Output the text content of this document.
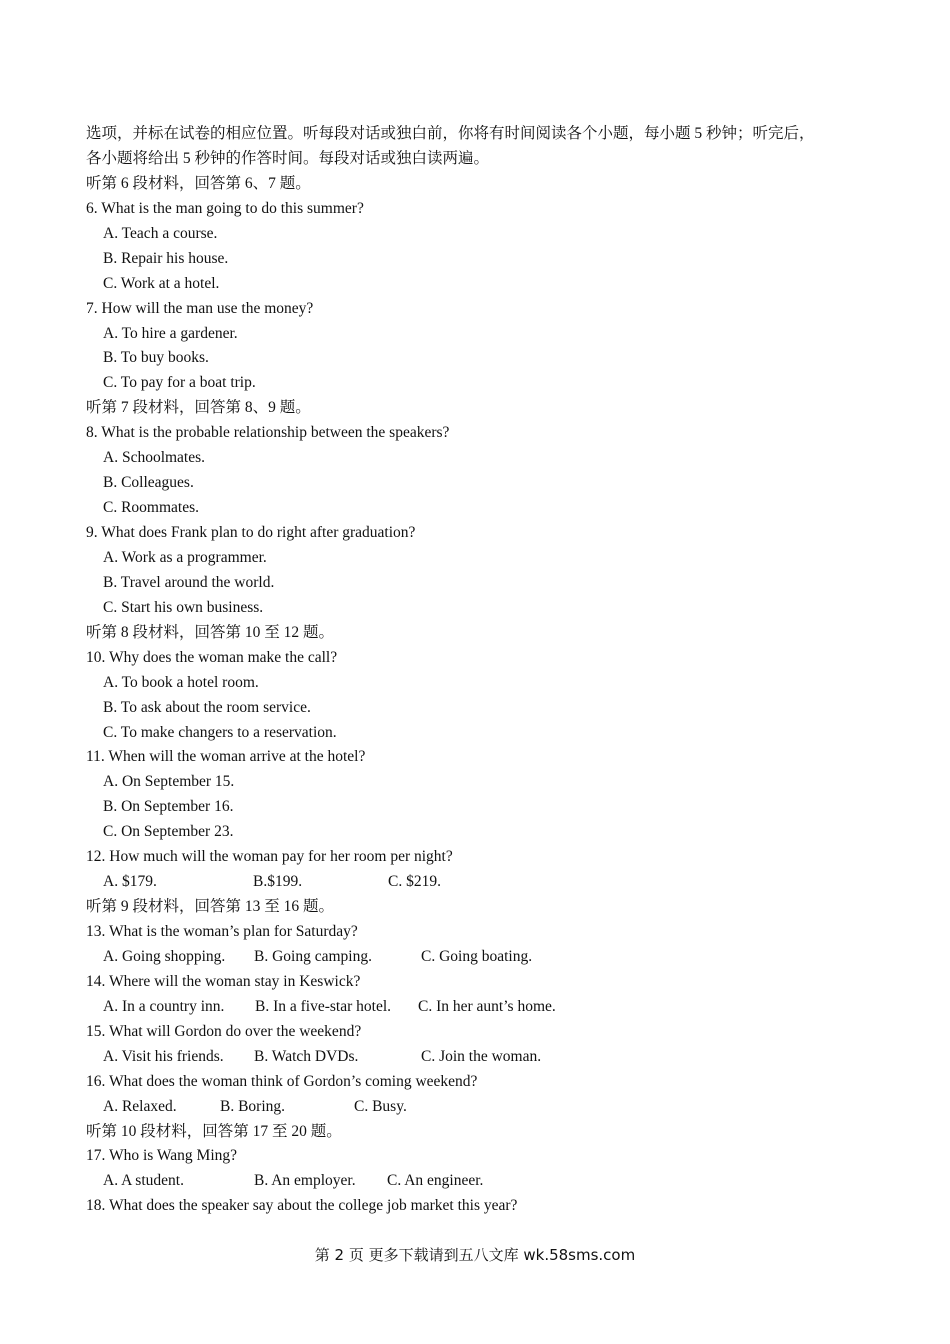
选项，并标在试卷的相应位置。听每段对话或独白前，你将有时间阅读各个小题，每小题 5 秒钟；听完后，
各小题将给出 5 秒钟的作答时间。每段对话或独白读两遍。
听第 6 段材料，回答第 6、7 题。
6. What is the man going to do this summer?
A. Teach a course.
B. Repair his house.
C. Work at a hotel.
7. How will the man use the money?
A. To hire a gardener.
B. To buy books.
C. To pay for a boat trip.
听第 7 段材料，回答第 8、9 题。
8. What is the probable relationship between the speakers?
A. Schoolmates.
B. Colleagues.
C. Roommates.
9. What does Frank plan to do right after graduation?
A. Work as a programmer.
B. Travel around the world.
C. Start his own business.
听第 8 段材料，回答第 10 至 12 题。
10. Why does the woman make the call?
A. To book a hotel room.
B. To ask about the room service.
C. To make changers to a reservation.
11. When will the woman arrive at the hotel?
A. On September 15.
B. On September 16.
C. On September 23.
12. How much will the woman pay for her room per night?
A. $179.	B.$199.	C. $219.
听第 9 段材料，回答第 13 至 16 题。
13. What is the woman’s plan for Saturday?
A. Going shopping. B. Going camping.	C. Going boating.
14. Where will the woman stay in Keswick?
A. In a country inn. B. In a five-star hotel. C. In her aunt’s home.
15. What will Gordon do over the weekend?
A. Visit his friends. B. Watch DVDs.	C. Join the woman.
16. What does the woman think of Gordon’s coming weekend?
A. Relaxed.	B. Boring.	C. Busy.
听第 10 段材料，回答第 17 至 20 题。
17. Who is Wang Ming?
A. A student.	B. An employer. C. An engineer.
18. What does the speaker say about the college job market this year?
第 2 页 更多下载请到五八文库 wk.58sms.com
